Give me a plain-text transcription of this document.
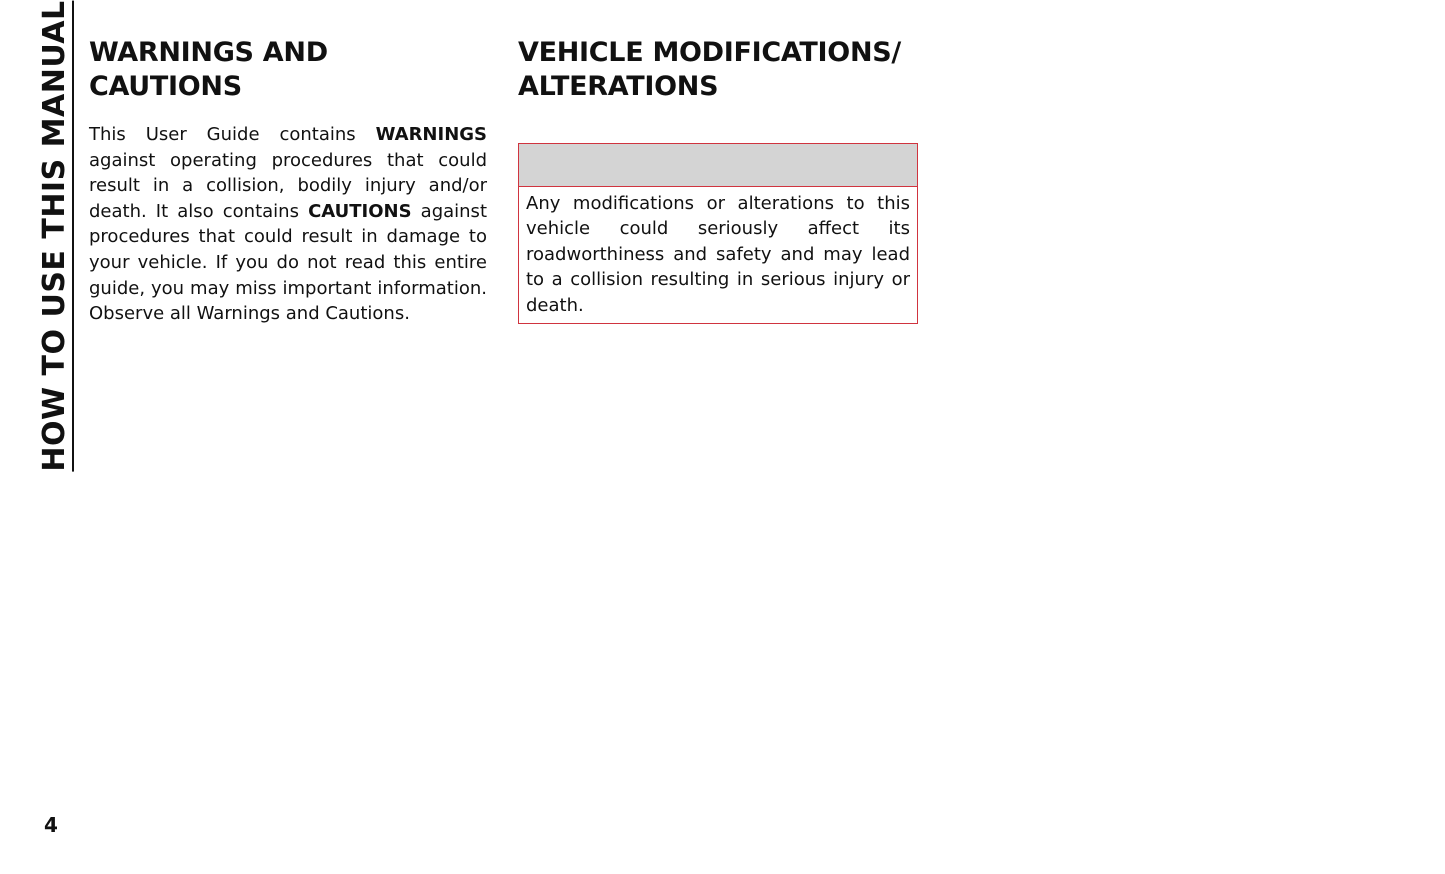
HOW TO USE THIS MANUAL WARNINGS AND CAUTIONS

This User Guide contains WARNINGS against operating procedures that could result in a collision, bodily injury and/or death. It also contains CAUTIONS against procedures that could result in damage to your vehicle. If you do not read this entire guide, you may miss important information. Observe all Warnings and Cautions.

VEHICLE MODIFICATIONS/
ALTERATIONS
Any modifications or alterations to this vehicle could seriously affect its roadworthiness and safety and may lead to a collision resulting in serious injury or death.
4
